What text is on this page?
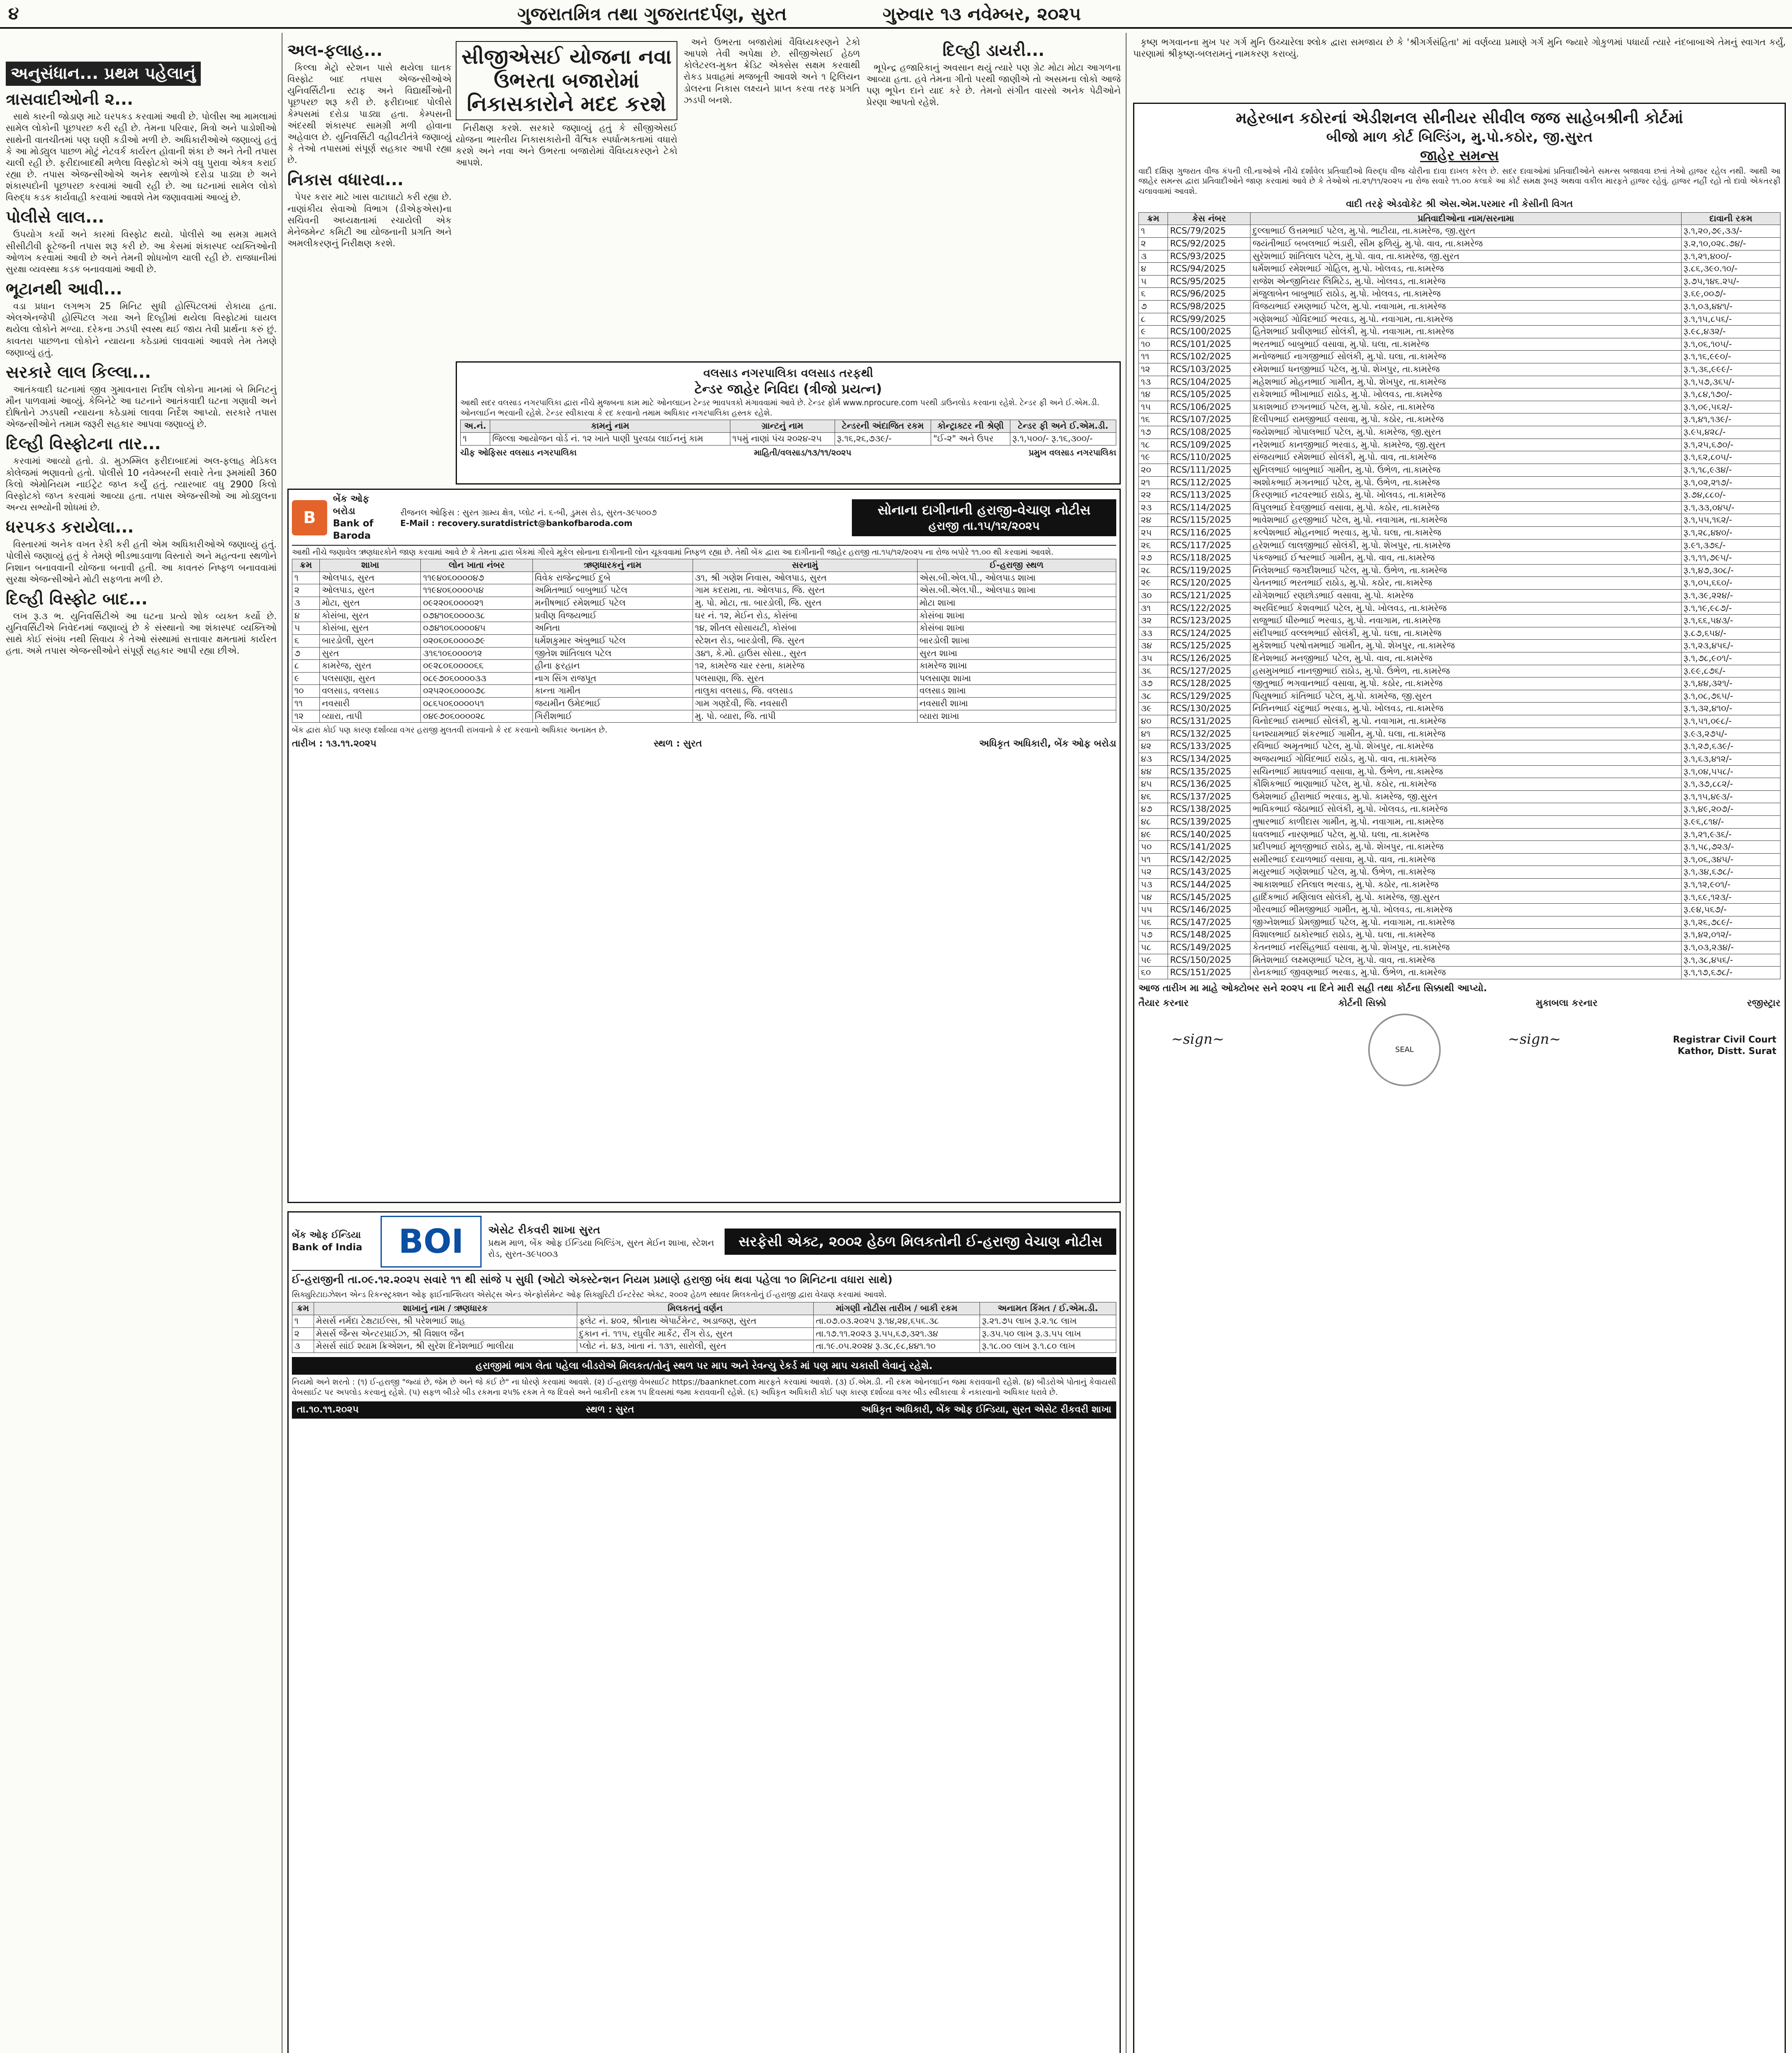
૪	ગુજરાતમિત્ર તથા ગુજરાતદર્પણ, સુરત	ગુરુવાર ૧૩ નવેમ્બર, ૨૦૨૫
અનુસંધાન... પ્રથમ પહેલાનું
ત્રાસવાદીઓની ૨...

સાથે કારની જોડાણ માટે ઘરપકડ કરવામાં આવી છે. પોલીસ આ મામલામાં સામેલ લોકોની પૂછપરછ કરી રહી છે. તેમના પરિવાર, મિત્રો અને પાડોશીઓ સાથેની વાતચીતમાં પણ ઘણી કડીઓ મળી છે. અધિકારીઓએ જણાવ્યું હતું કે આ મોડ્યુલ પાછળ મોટું નેટવર્ક કાર્યરત હોવાની શંકા છે અને તેની તપાસ ચાલી રહી છે. ફરીદાબાદથી મળેલા વિસ્ફોટકો અંગે વધુ પુરાવા એકત્ર કરાઈ રહ્યા છે. તપાસ એજન્સીઓએ અનેક સ્થળોએ દરોડા પાડ્યા છે અને શંકાસ્પદોની પૂછપરછ કરવામાં આવી રહી છે. આ ઘટનામાં સામેલ લોકો વિરુદ્ધ કડક કાર્યવાહી કરવામાં આવશે તેમ જણાવવામાં આવ્યું છે.

પોલીસે લાલ...

ઉપયોગ કર્યો અને કારમાં વિસ્ફોટ થયો. પોલીસે આ સમગ્ર મામલે સીસીટીવી ફૂટેજની તપાસ શરૂ કરી છે. આ કેસમાં શંકાસ્પદ વ્યક્તિઓની ઓળખ કરવામાં આવી છે અને તેમની શોધખોળ ચાલી રહી છે. રાજધાનીમાં સુરક્ષા વ્યવસ્થા કડક બનાવવામાં આવી છે.

ભૂટાનથી આવી...

વડા પ્રધાન લગભગ 25 મિનિટ સુધી હોસ્પિટલમાં રોકાયા હતા. એલએનજેપી હોસ્પિટલ ગયા અને દિલ્હીમાં થયેલા વિસ્ફોટમાં ઘાયલ થયેલા લોકોને મળ્યા. દરેકના ઝડપી સ્વસ્થ થઈ જાય તેવી પ્રાર્થના કરું છું. કાવતરા પાછળના લોકોને ન્યાયના કઠેડામાં લાવવામાં આવશે તેમ તેમણે જણાવ્યું હતું.

સરકારે લાલ કિલ્લા...

આતંકવાદી ઘટનામાં જીવ ગુમાવનારા નિર્દોષ લોકોના માનમાં બે મિનિટનું મૌન પાળવામાં આવ્યું. કેબિનેટે આ ઘટનાને આતંકવાદી ઘટના ગણાવી અને દોષિતોને ઝડપથી ન્યાયના કઠેડામાં લાવવા નિર્દેશ આપ્યો. સરકારે તપાસ એજન્સીઓને તમામ જરૂરી સહકાર આપવા જણાવ્યું છે.

દિલ્હી વિસ્ફોટના તાર...

કરવામાં આવ્યો હતો. ડૉ. મુઝમ્મિલ ફરીદાબાદમાં અલ-ફલાહ મેડિકલ કોલેજમાં ભણાવતો હતો. પોલીસે 10 નવેમ્બરની સવારે તેના રૂમમાંથી 360 કિલો એમોનિયમ નાઈટ્રેટ જપ્ત કર્યું હતું. ત્યારબાદ વધુ 2900 કિલો વિસ્ફોટકો જપ્ત કરવામાં આવ્યા હતા. તપાસ એજન્સીઓ આ મોડ્યુલના અન્ય સભ્યોની શોધમાં છે.

ધરપકડ કરાયેલા...

વિસ્તારમાં અનેક વખત રેકી કરી હતી એમ અધિકારીઓએ જણાવ્યું હતું. પોલીસે જણાવ્યું હતું કે તેમણે ભીડભાડવાળા વિસ્તારો અને મહત્વના સ્થળોને નિશાન બનાવવાની યોજના બનાવી હતી. આ કાવતરું નિષ્ફળ બનાવવામાં સુરક્ષા એજન્સીઓને મોટી સફળતા મળી છે.

દિલ્હી વિસ્ફોટ બાદ...

લખ રૂ.૩ ભ. યુનિવર્સિટીએ આ ઘટના પ્રત્યે શોક વ્યક્ત કર્યો છે. યુનિવર્સિટીએ નિવેદનમાં જણાવ્યું છે કે સંસ્થાનો આ શંકાસ્પદ વ્યક્તિઓ સાથે કોઈ સંબંધ નથી સિવાય કે તેઓ સંસ્થામાં સત્તાવાર ક્ષમતામાં કાર્યરત હતા. અમે તપાસ એજન્સીઓને સંપૂર્ણ સહકાર આપી રહ્યા છીએ.

અલ-ફલાહ...

કિલ્લા મેટ્રો સ્ટેશન પાસે થયેલા ઘાતક વિસ્ફોટ બાદ તપાસ એજન્સીઓએ યુનિવર્સિટીના સ્ટાફ અને વિદ્યાર્થીઓની પૂછપરછ શરૂ કરી છે. ફરીદાબાદ પોલીસે કેમ્પસમાં દરોડા પાડ્યા હતા. કેમ્પસની અંદરથી શંકાસ્પદ સામગ્રી મળી હોવાના અહેવાલ છે. યુનિવર્સિટી વહીવટીતંત્રે જણાવ્યું કે તેઓ તપાસમાં સંપૂર્ણ સહકાર આપી રહ્યા છે.

નિકાસ વધારવા...

પેપર કરાર માટે ખાસ વાટાઘાટો કરી રહ્યા છે. નાણાંકીય સેવાઓ વિભાગ (ડીએફએસ)ના સચિવની અધ્યક્ષતામાં રચાયેલી એક મેનેજમેન્ટ કમિટી આ યોજનાની પ્રગતિ અને અમલીકરણનું નિરીક્ષણ કરશે.

સીજીએસઈ યોજના નવા ઉભરતા બજારોમાં નિકાસકારોને મદદ કરશે

નિરીક્ષણ કરશે. સરકારે જણાવ્યું હતું કે સીજીએસઈ યોજના ભારતીય નિકાસકારોની વૈશ્વિક સ્પર્ધાત્મકતામાં વધારો કરશે અને નવા અને ઉભરતા બજારોમાં વૈવિધ્યકરણને ટેકો આપશે.

અને ઉભરતા બજારોમાં વૈવિધ્યકરણને ટેકો આપશે તેવી અપેક્ષા છે. સીજીએસઈ હેઠળ કોલેટરલ-મુક્ત ક્રેડિટ એક્સેસ સક્ષમ કરવાથી રોકડ પ્રવાહમાં મજબૂતી આવશે અને ૧ ટ્રિલિયન ડોલરના નિકાસ લક્ષ્યને પ્રાપ્ત કરવા તરફ પ્રગતિ ઝડપી બનશે.

દિલ્હી ડાયરી...

ભૂપેન્દ્ર હજારિકાનું અવસાન થયું ત્યારે પણ ગ્રેટ મોટા મોટા આગળના આવ્યા હતા. હવે તેમના ગીતો પરથી જાણીએ તો અસમના લોકો આજે પણ ભૂપેન દાને યાદ કરે છે. તેમનો સંગીત વારસો અનેક પેઢીઓને પ્રેરણા આપતો રહેશે.

વલસાડ નગરપાલિકા વલસાડ તરફથી
ટેન્ડર જાહેર નિવિદા (ત્રીજો પ્રયત્ન)
આથી સદર વલસાડ નગરપાલિકા દ્વારા નીચે મુજબના કામ માટે ઓનલાઇન ટેન્ડર ભાવપત્રકો મંગાવવામાં આવે છે. ટેન્ડર ફોર્મ www.nprocure.com પરથી ડાઉનલોડ કરવાના રહેશે. ટેન્ડર ફી અને ઈ.એમ.ડી. ઓનલાઈન ભરવાની રહેશે. ટેન્ડર સ્વીકારવા કે રદ કરવાનો તમામ અધિકાર નગરપાલિકા હસ્તક રહેશે.
અ.નં.	કામનું નામ	ગ્રાન્ટનું નામ	ટેન્ડરની અંદાજિત રકમ	કોન્ટ્રાક્ટર ની શ્રેણી	ટેન્ડર ફી અને ઈ.એમ.ડી.
૧	જિલ્લા આયોજન વોર્ડ નં. ૧૨ ખાતે પાણી પુરવઠા લાઈનનું કામ	૧૫મું નાણાં પંચ ૨૦૨૪-૨૫	રૂ.૧૬,૨૬,૭૩૯/-	"ઈ-૨" અને ઉપર	રૂ.૧,૫૦૦/- રૂ.૧૬,૩૦૦/-
ચીફ ઓફિસર વલસાડ નગરપાલિકા	માહિતી/વલસાડ/૧૩/૧૧/૨૦૨૫	પ્રમુખ વલસાડ નગરપાલિકા
B
બેંક ઓફ બરોડા
Bank of Baroda
રીજનલ ઓફિસ : સુરત ગ્રામ્ય ક્ષેત્ર, પ્લોટ નં. ૬-બી, ડુમસ રોડ, સુરત-૩૯૫૦૦૭
E-Mail : recovery.suratdistrict@bankofbaroda.com
સોનાના દાગીનાની હરાજી-વેચાણ નોટીસ
હરાજી તા.૧૫/૧૨/૨૦૨૫
આથી નીચે જણાવેલ ઋણધારકોને જાણ કરવામાં આવે છે કે તેમના દ્વારા બેંકમાં ગીરવે મૂકેલ સોનાના દાગીનાની લોન ચૂકવવામાં નિષ્ફળ રહ્યા છે. તેથી બેંક દ્વારા આ દાગીનાની જાહેર હરાજી તા.૧૫/૧૨/૨૦૨૫ ના રોજ બપોરે ૧૧.૦૦ થી કરવામાં આવશે.
ક્રમ	શાખા	લોન ખાતા નંબર	ઋણધારકનું નામ	સરનામું	ઈ-હરાજી સ્થળ
૧	ઓલપાડ, સુરત	૧૧૯૪૦૬૦૦૦૦૪૭	વિવેક રાજેન્દ્રભાઈ દુબે	૩૧, શ્રી ગણેશ નિવાસ, ઓલપાડ, સુરત	એસ.બી.એલ.પી., ઓલપાડ શાખા
૨	ઓલપાડ, સુરત	૧૧૯૪૦૬૦૦૦૦૫૪	અમિતભાઈ બાબુભાઈ પટેલ	ગામ કદરામા, તા. ઓલપાડ, જિ. સુરત	એસ.બી.એલ.પી., ઓલપાડ શાખા
૩	મોટા, સુરત	૦૯૨૨૦૬૦૦૦૦૨૧	મનીષભાઈ રમેશભાઈ પટેલ	મુ. પો. મોટા, તા. બારડોલી, જિ. સુરત	મોટા શાખા
૪	કોસંબા, સુરત	૦૭૪૧૦૬૦૦૦૦૩૮	પ્રવીણ વિજયભાઈ	ઘર નં. ૧૨, મેઈન રોડ, કોસંબા	કોસંબા શાખા
૫	કોસંબા, સુરત	૦૭૪૧૦૬૦૦૦૦૪૫	અનિતા	૧૪, શીતલ સોસાયટી, કોસંબા	કોસંબા શાખા
૬	બારડોલી, સુરત	૦૨૦૬૦૬૦૦૦૦૭૯	ધર્મેશકુમાર અંબુભાઈ પટેલ	સ્ટેશન રોડ, બારડોલી, જિ. સુરત	બારડોલી શાખા
૭	સુરત	૩૧૬૧૦૬૦૦૦૦૧૨	જીતેશ શાંતિલાલ પટેલ	૩૪૧, કે.મો. હાઉસ સોસા., સુરત	સુરત શાખા
૮	કામરેજ, સુરત	૦૯૨૮૦૬૦૦૦૦૬૬	હીના ફરહાન	૧૨, કામરેજ ચાર રસ્તા, કામરેજ	કામરેજ શાખા
૯	પલસાણા, સુરત	૦૮૯૭૦૬૦૦૦૦૩૩	નાગ સિંગ રાજપૂત	પલસાણા, જિ. સુરત	પલસાણા શાખા
૧૦	વલસાડ, વલસાડ	૦૨૫૨૦૬૦૦૦૦૭૮	કાન્તા ગામીત	તાલુકા વલસાડ, જિ. વલસાડ	વલસાડ શાખા
૧૧	નવસારી	૦૮૬૫૦૬૦૦૦૦૫૧	જયમીન ઉમેદભાઈ	ગામ ગણદેવી, જિ. નવસારી	નવસારી શાખા
૧૨	વ્યારા, તાપી	૦૪૯૭૦૬૦૦૦૦૨૮	ગિરીશભાઈ	મુ. પો. વ્યારા, જિ. તાપી	વ્યારા શાખા
બેંક દ્વારા કોઈ પણ કારણ દર્શાવ્યા વગર હરાજી મુલતવી રાખવાનો કે રદ કરવાનો અધિકાર અનામત છે.
તારીખ : ૧૩.૧૧.૨૦૨૫	સ્થળ : સુરત	અધિકૃત અધિકારી, બેંક ઓફ બરોડા
બેંક ઓફ ઈન્ડિયા
Bank of India	BOI	એસેટ રીકવરી શાખા સુરત
પ્રથમ માળ, બેંક ઓફ ઈન્ડિયા બિલ્ડિંગ, સુરત મેઈન શાખા, સ્ટેશન રોડ, સુરત-૩૯૫૦૦૩
સરફેસી એક્ટ, ૨૦૦૨ હેઠળ મિલકતોની ઈ-હરાજી વેચાણ નોટીસ
ઈ-હરાજીની તા.૦૯.૧૨.૨૦૨૫ સવારે ૧૧ થી સાંજે ૫ સુધી (ઓટો એક્સ્ટેન્શન નિયમ પ્રમાણે હરાજી બંધ થવા પહેલા ૧૦ મિનિટના વધારા સાથે)
સિક્યુરિટાઇઝેશન એન્ડ રિકન્સ્ટ્રક્શન ઓફ ફાઈનાન્શિયલ એસેટ્સ એન્ડ એન્ફોર્સમેન્ટ ઓફ સિક્યુરિટી ઈન્ટરેસ્ટ એક્ટ, ૨૦૦૨ હેઠળ સ્થાવર મિલકતોનું ઈ-હરાજી દ્વારા વેચાણ કરવામાં આવશે.
ક્રમ	શાખાનું નામ / ઋણધારક	મિલકતનું વર્ણન	માંગણી નોટીસ તારીખ / બાકી રકમ	અનામત કિંમત / ઈ.એમ.ડી.
૧	મેસર્સ નર્મદા ટેક્ષટાઈલ્સ, શ્રી પરેશભાઈ શાહ	ફ્લેટ નં. ૪૦૨, શ્રીનાથ એપાર્ટમેન્ટ, અડાજણ, સુરત	તા.૦૭.૦૩.૨૦૨૫ રૂ.૧૪,૨૪,૬૫૬.૩૮	રૂ.૨૧.૭૫ લાખ રૂ.૨.૧૮ લાખ
૨	મેસર્સ જૈન્સ એન્ટરપ્રાઈઝ, શ્રી વિશાલ જૈન	દુકાન નં. ૧૧૫, રઘુવીર માર્કેટ, રીંગ રોડ, સુરત	તા.૧૭.૧૧.૨૦૨૩ રૂ.૫૫,૬૭,૩૨૧.૩૪	રૂ.૩૫.૫૦ લાખ રૂ.૩.૫૫ લાખ
૩	મેસર્સ સાંઈ શ્યામ ક્રિએશન, શ્રી સુરેશ દિનેશભાઈ ભાલીયા	પ્લોટ નં. ૪૩, ખાતા નં. ૧૩૧, સારોલી, સુરત	તા.૧૯.૦૫.૨૦૨૪ રૂ.૩૮,૯૮,૪૪૧.૧૦	રૂ.૧૮.૦૦ લાખ રૂ.૧.૮૦ લાખ
હરાજીમાં ભાગ લેતા પહેલા બીડરોએ મિલકત/તોનું સ્થળ પર માપ અને રેવન્યુ રેકર્ડ માં પણ માપ ચકાસી લેવાનું રહેશે.
નિયમો અને શરતો : (૧) ઈ-હરાજી "જ્યાં છે, જેમ છે અને જે કંઈ છે" ના ધોરણે કરવામાં આવશે. (૨) ઈ-હરાજી વેબસાઈટ https://baanknet.com મારફતે કરવામાં આવશે. (૩) ઈ.એમ.ડી. ની રકમ ઓનલાઈન જમા કરાવવાની રહેશે. (૪) બીડરોએ પોતાનું કેવાયસી વેબસાઈટ પર અપલોડ કરવાનું રહેશે. (૫) સફળ બીડરે બીડ રકમના ૨૫% રકમ તે જ દિવસે અને બાકીની રકમ ૧૫ દિવસમાં જમા કરાવવાની રહેશે. (૬) અધિકૃત અધિકારી કોઈ પણ કારણ દર્શાવ્યા વગર બીડ સ્વીકારવા કે નકારવાનો અધિકાર ધરાવે છે.
તા.૧૦.૧૧.૨૦૨૫	સ્થળ : સુરત	અધિકૃત અધિકારી, બેંક ઓફ ઈન્ડિયા, સુરત એસેટ રીકવરી શાખા

કૃષ્ણ ભગવાનના મુખ પર ગર્ગ મુનિ ઉચ્ચારેલા શ્લોક દ્વારા સમજાય છે કે 'શ્રીગર્ગસંહિતા' માં વર્ણવ્યા પ્રમાણે ગર્ગ મુનિ જ્યારે ગોકુળમાં પધાર્યા ત્યારે નંદબાબાએ તેમનું સ્વાગત કર્યું, પારણામાં શ્રીકૃષ્ણ-બલરામનું નામકરણ કરાવ્યું.

મહેરબાન કઠોરનાં એડીશનલ સીનીયર સીવીલ જજ સાહેબશ્રીની કોર્ટમાં
બીજો માળ કોર્ટ બિલ્ડિંગ, મુ.પો.કઠોર, જી.સુરત
જાહેર સમન્સ
વાદી દક્ષિણ ગુજરાત વીજ કંપની લી.નાઓએ નીચે દર્શાવેલ પ્રતિવાદીઓ વિરુદ્ધ વીજ ચોરીના દાવા દાખલ કરેલ છે. સદર દાવાઓમાં પ્રતિવાદીઓને સમન્સ બજાવવા છતાં તેઓ હાજર રહેલ નથી. આથી આ જાહેર સમન્સ દ્વારા પ્રતિવાદીઓને જાણ કરવામાં આવે છે કે તેઓએ તા.૨૧/૧૧/૨૦૨૫ ના રોજ સવારે ૧૧.૦૦ કલાકે આ કોર્ટ સમક્ષ રૂબરૂ અથવા વકીલ મારફતે હાજર રહેવું. હાજર નહીં રહો તો દાવો એકતરફી ચલાવવામાં આવશે.
વાદી તરફે એડવોકેટ શ્રી એસ.એમ.પરમાર ની કેસીની વિગત
ક્રમ	કેસ નંબર	પ્રતિવાદીઓના નામ/સરનામા	દાવાની રકમ
૧	RCS/79/2025	દુલ્લાભાઈ ઉત્તમભાઈ પટેલ, મુ.પો. ભાટીયા, તા.કામરેજ, જી.સુરત	રૂ.૧,૨૦,૭૯,૩૩/-
૨	RCS/92/2025	જયંતીભાઈ બબલભાઈ ભંડારી, સીમ ફળિયું, મુ.પો. વાવ, તા.કામરેજ	રૂ.૨,૧૦,૦૨૮.૭૪/-
૩	RCS/93/2025	સુરેશભાઈ શાંતિલાલ પટેલ, મુ.પો. વાવ, તા.કામરેજ, જી.સુરત	રૂ.૧,૨૧,૪૦૦/-
૪	RCS/94/2025	ધર્મેશભાઈ રમેશભાઈ ગોહિલ, મુ.પો. ખોલવડ, તા.કામરેજ	રૂ.૮૬,૩૯૦.૧૦/-
૫	RCS/95/2025	રાજેશ એન્જીનિયર લિમિટેડ, મુ.પો. ખોલવડ, તા.કામરેજ	રૂ.૭૫,૧૪૬.૨૫/-
૬	RCS/96/2025	મંજુલાબેન બાબુભાઈ રાઠોડ, મુ.પો. ખોલવડ, તા.કામરેજ	રૂ.૬૯,૦૦૭/-
૭	RCS/98/2025	વિજયભાઈ રમણભાઈ પટેલ, મુ.પો. નવાગામ, તા.કામરેજ	રૂ.૧,૦૩,૪૪૧/-
૮	RCS/99/2025	ગણેશભાઈ ગોવિંદભાઈ ભરવાડ, મુ.પો. નવાગામ, તા.કામરેજ	રૂ.૧,૧૫,૮૫૬/-
૯	RCS/100/2025	હિતેશભાઈ પ્રવીણભાઈ સોલંકી, મુ.પો. નવાગામ, તા.કામરેજ	રૂ.૯૮,૪૩૨/-
૧૦	RCS/101/2025	ભરતભાઈ બાબુભાઈ વસાવા, મુ.પો. ઘલા, તા.કામરેજ	રૂ.૧,૦૬,૧૦૫/-
૧૧	RCS/102/2025	મનોજભાઈ નાગજીભાઈ સોલંકી, મુ.પો. ઘલા, તા.કામરેજ	રૂ.૧,૧૬,૯૯૦/-
૧૨	RCS/103/2025	રમેશભાઈ ધનજીભાઈ પટેલ, મુ.પો. શેખપુર, તા.કામરેજ	રૂ.૧,૩૬,૯૯૯/-
૧૩	RCS/104/2025	મહેશભાઈ મોહનભાઈ ગામીત, મુ.પો. શેખપુર, તા.કામરેજ	રૂ.૧,૫૭,૩૬૫/-
૧૪	RCS/105/2025	રાકેશભાઈ ભીખાભાઈ રાઠોડ, મુ.પો. ખોલવડ, તા.કામરેજ	રૂ.૧,૮૪,૧૭૦/-
૧૫	RCS/106/2025	પ્રકાશભાઈ છગનભાઈ પટેલ, મુ.પો. કઠોર, તા.કામરેજ	રૂ.૧,૦૯,૫૬૨/-
૧૬	RCS/107/2025	દિલીપભાઈ રામજીભાઈ વસાવા, મુ.પો. કઠોર, તા.કામરેજ	રૂ.૧,૪૧,૧૩૯/-
૧૭	RCS/108/2025	જયેશભાઈ ગોપાલભાઈ પટેલ, મુ.પો. કામરેજ, જી.સુરત	રૂ.૯૫,૪૨૮/-
૧૮	RCS/109/2025	નરેશભાઈ કાનજીભાઈ ભરવાડ, મુ.પો. કામરેજ, જી.સુરત	રૂ.૧,૨૫,૬૭૦/-
૧૯	RCS/110/2025	સંજયભાઈ રમેશભાઈ સોલંકી, મુ.પો. વાવ, તા.કામરેજ	રૂ.૧,૬૨,૮૦૫/-
૨૦	RCS/111/2025	સુનિલભાઈ બાબુભાઈ ગામીત, મુ.પો. ઉંભેળ, તા.કામરેજ	રૂ.૧,૧૮,૯૩૪/-
૨૧	RCS/112/2025	અશોકભાઈ મગનભાઈ પટેલ, મુ.પો. ઉંભેળ, તા.કામરેજ	રૂ.૧,૦૨,૨૧૭/-
૨૨	RCS/113/2025	કિરણભાઈ નટવરભાઈ રાઠોડ, મુ.પો. ખોલવડ, તા.કામરેજ	રૂ.૭૪,૮૮૦/-
૨૩	RCS/114/2025	વિપુલભાઈ દેવજીભાઈ વસાવા, મુ.પો. કઠોર, તા.કામરેજ	રૂ.૧,૩૩,૦૪૫/-
૨૪	RCS/115/2025	ભાવેશભાઈ હરજીભાઈ પટેલ, મુ.પો. નવાગામ, તા.કામરેજ	રૂ.૧,૫૫,૧૬૨/-
૨૫	RCS/116/2025	કલ્પેશભાઈ મોહનભાઈ ભરવાડ, મુ.પો. ઘલા, તા.કામરેજ	રૂ.૧,૨૮,૪૪૦/-
૨૬	RCS/117/2025	હરેશભાઈ લાલજીભાઈ સોલંકી, મુ.પો. શેખપુર, તા.કામરેજ	રૂ.૯૧,૩૭૬/-
૨૭	RCS/118/2025	પંકજભાઈ ઈશ્વરભાઈ ગામીત, મુ.પો. વાવ, તા.કામરેજ	રૂ.૧,૧૧,૭૯૫/-
૨૮	RCS/119/2025	નિલેશભાઈ જગદીશભાઈ પટેલ, મુ.પો. ઉંભેળ, તા.કામરેજ	રૂ.૧,૪૭,૩૦૮/-
૨૯	RCS/120/2025	ચેતનભાઈ ભરતભાઈ રાઠોડ, મુ.પો. કઠોર, તા.કામરેજ	રૂ.૧,૦૫,૬૬૦/-
૩૦	RCS/121/2025	યોગેશભાઈ રણછોડભાઈ વસાવા, મુ.પો. કામરેજ	રૂ.૧,૩૯,૨૨૪/-
૩૧	RCS/122/2025	અરવિંદભાઈ કેશવભાઈ પટેલ, મુ.પો. ખોલવડ, તા.કામરેજ	રૂ.૧,૧૯,૯૮૭/-
૩૨	RCS/123/2025	રાજુભાઈ ધીરુભાઈ ભરવાડ, મુ.પો. નવાગામ, તા.કામરેજ	રૂ.૧,૬૬,૫૪૩/-
૩૩	RCS/124/2025	સંદીપભાઈ વલ્લભભાઈ સોલંકી, મુ.પો. ઘલા, તા.કામરેજ	રૂ.૮૭,૬૫૪/-
૩૪	RCS/125/2025	મુકેશભાઈ પરષોત્તમભાઈ ગામીત, મુ.પો. શેખપુર, તા.કામરેજ	રૂ.૧,૨૩,૪૫૬/-
૩૫	RCS/126/2025	દિનેશભાઈ મનજીભાઈ પટેલ, મુ.પો. વાવ, તા.કામરેજ	રૂ.૧,૭૮,૯૦૧/-
૩૬	RCS/127/2025	હસમુખભાઈ નાનજીભાઈ રાઠોડ, મુ.પો. ઉંભેળ, તા.કામરેજ	રૂ.૯૯,૮૭૬/-
૩૭	RCS/128/2025	જીતુભાઈ ભગવાનભાઈ વસાવા, મુ.પો. કઠોર, તા.કામરેજ	રૂ.૧,૪૪,૩૨૧/-
૩૮	RCS/129/2025	પિયુષભાઈ કાંતિભાઈ પટેલ, મુ.પો. કામરેજ, જી.સુરત	રૂ.૧,૦૮,૭૬૫/-
૩૯	RCS/130/2025	નિતિનભાઈ ચંદુભાઈ ભરવાડ, મુ.પો. ખોલવડ, તા.કામરેજ	રૂ.૧,૩૨,૪૧૦/-
૪૦	RCS/131/2025	વિનોદભાઈ રામભાઈ સોલંકી, મુ.પો. નવાગામ, તા.કામરેજ	રૂ.૧,૫૧,૦૯૮/-
૪૧	RCS/132/2025	ઘનશ્યામભાઈ શંકરભાઈ ગામીત, મુ.પો. ઘલા, તા.કામરેજ	રૂ.૯૩,૨૭૫/-
૪૨	RCS/133/2025	રવિભાઈ અમૃતભાઈ પટેલ, મુ.પો. શેખપુર, તા.કામરેજ	રૂ.૧,૨૭,૬૩૯/-
૪૩	RCS/134/2025	અજયભાઈ ગોવિંદભાઈ રાઠોડ, મુ.પો. વાવ, તા.કામરેજ	રૂ.૧,૬૩,૪૧૨/-
૪૪	RCS/135/2025	સચિનભાઈ માધવભાઈ વસાવા, મુ.પો. ઉંભેળ, તા.કામરેજ	રૂ.૧,૦૪,૫૫૮/-
૪૫	RCS/136/2025	કૌશિકભાઈ ભાણાભાઈ પટેલ, મુ.પો. કઠોર, તા.કામરેજ	રૂ.૧,૩૭,૮૮૨/-
૪૬	RCS/137/2025	ઉમેશભાઈ હીરાભાઈ ભરવાડ, મુ.પો. કામરેજ, જી.સુરત	રૂ.૧,૧૫,૪૯૩/-
૪૭	RCS/138/2025	ભાવિકભાઈ જેઠાભાઈ સોલંકી, મુ.પો. ખોલવડ, તા.કામરેજ	રૂ.૧,૪૯,૨૦૭/-
૪૮	RCS/139/2025	તુષારભાઈ કાળીદાસ ગામીત, મુ.પો. નવાગામ, તા.કામરેજ	રૂ.૯૬,૮૧૪/-
૪૯	RCS/140/2025	ધવલભાઈ નારણભાઈ પટેલ, મુ.પો. ઘલા, તા.કામરેજ	રૂ.૧,૨૧,૯૩૬/-
૫૦	RCS/141/2025	પ્રદીપભાઈ મૂળજીભાઈ રાઠોડ, મુ.પો. શેખપુર, તા.કામરેજ	રૂ.૧,૫૮,૭૨૩/-
૫૧	RCS/142/2025	સમીરભાઈ દયાળભાઈ વસાવા, મુ.પો. વાવ, તા.કામરેજ	રૂ.૧,૦૬,૩૪૫/-
૫૨	RCS/143/2025	મયુરભાઈ ગણેશભાઈ પટેલ, મુ.પો. ઉંભેળ, તા.કામરેજ	રૂ.૧,૩૪,૬૭૮/-
૫૩	RCS/144/2025	આકાશભાઈ રતિલાલ ભરવાડ, મુ.પો. કઠોર, તા.કામરેજ	રૂ.૧,૧૨,૯૦૧/-
૫૪	RCS/145/2025	હાર્દિકભાઈ મણિલાલ સોલંકી, મુ.પો. કામરેજ, જી.સુરત	રૂ.૧,૬૯,૧૨૩/-
૫૫	RCS/146/2025	ગૌરવભાઈ ભીમજીભાઈ ગામીત, મુ.પો. ખોલવડ, તા.કામરેજ	રૂ.૯૪,૫૬૭/-
૫૬	RCS/147/2025	જીગ્નેશભાઈ પ્રેમજીભાઈ પટેલ, મુ.પો. નવાગામ, તા.કામરેજ	રૂ.૧,૨૬,૭૮૯/-
૫૭	RCS/148/2025	વિશાલભાઈ ઠાકોરભાઈ રાઠોડ, મુ.પો. ઘલા, તા.કામરેજ	રૂ.૧,૪૨,૦૧૨/-
૫૮	RCS/149/2025	કેતનભાઈ નરસિંહભાઈ વસાવા, મુ.પો. શેખપુર, તા.કામરેજ	રૂ.૧,૦૩,૨૩૪/-
૫૯	RCS/150/2025	મિતેશભાઈ લક્ષ્મણભાઈ પટેલ, મુ.પો. વાવ, તા.કામરેજ	રૂ.૧,૩૮,૪૫૬/-
૬૦	RCS/151/2025	રોનકભાઈ જીવણભાઈ ભરવાડ, મુ.પો. ઉંભેળ, તા.કામરેજ	રૂ.૧,૧૭,૬૭૮/-
આજ તારીખ મા માહે ઓક્ટોબર સને ૨૦૨૫ ના દિને મારી સહી તથા કોર્ટના સિક્કાથી આપ્યો.
તૈયાર કરનાર	કોર્ટની સિક્કો	મુકાબલા કરનાર	રજીસ્ટ્રાર
~sign~
SEAL
~sign~	Registrar Civil Court Kathor, Distt. Surat
